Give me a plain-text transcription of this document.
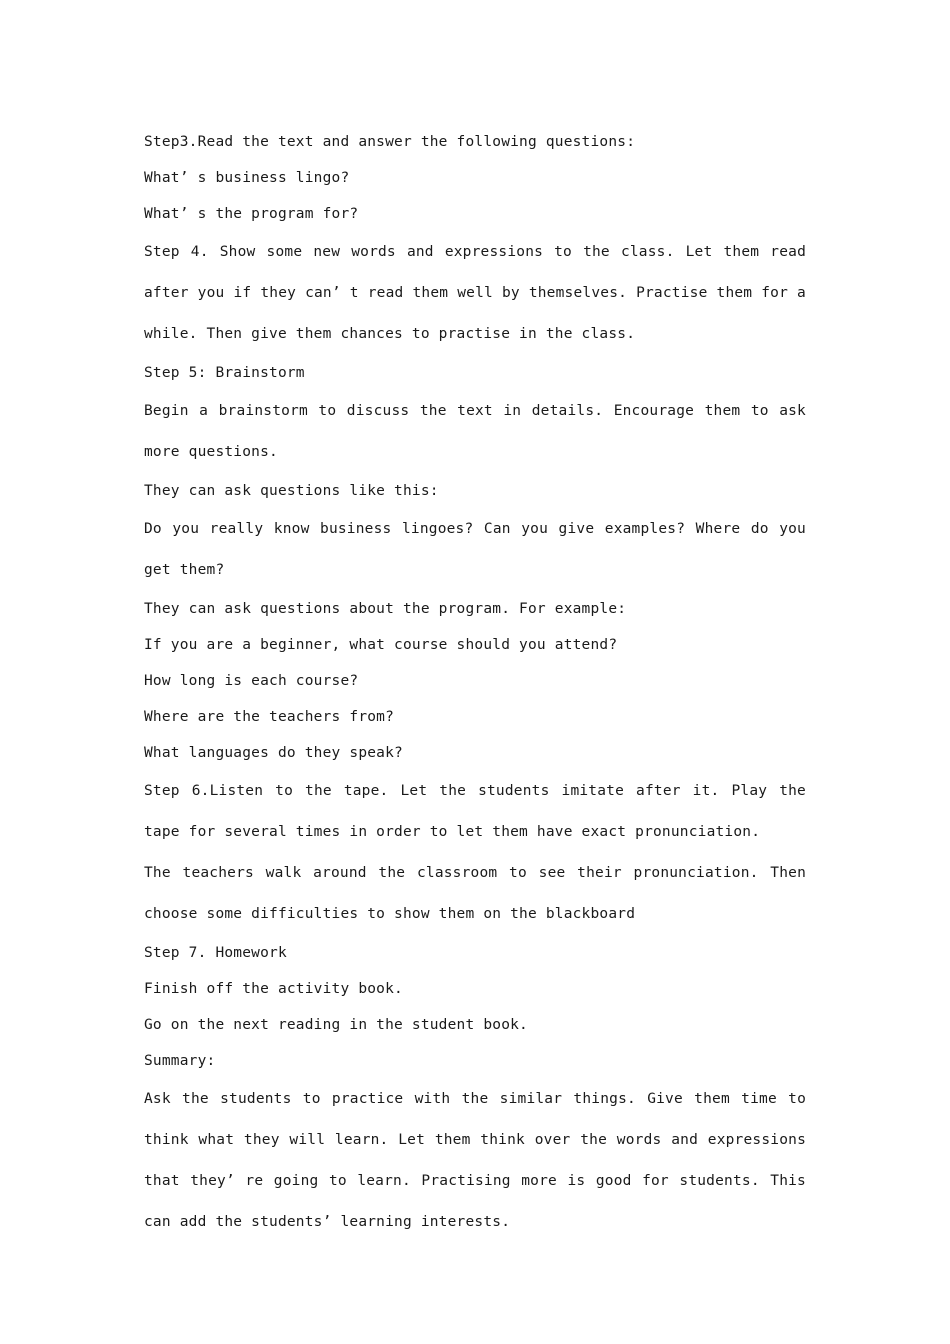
Step3.Read the text and answer the following questions:

What’ s business lingo?

What’ s the program for?

Step 4. Show some new words and expressions to the class. Let them read after you if they can’ t read them well by themselves. Practise them for a while. Then give them chances to practise in the class.

Step 5: Brainstorm

Begin a brainstorm to discuss the text in details. Encourage them to ask more questions.

They can ask questions like this:

Do you really know business lingoes? Can you give examples? Where do you get them?

They can ask questions about the program. For example:

If you are a beginner, what course should you attend?

How long is each course?

Where are the teachers from?

What languages do they speak?

Step 6.Listen to the tape. Let the students imitate after it. Play the tape for several times in order to let them have exact pronunciation.

The teachers walk around the classroom to see their pronunciation. Then choose some difficulties to show them on the blackboard

Step 7. Homework

Finish off the activity book.

Go on the next reading in the student book.

Summary:

Ask the students to practice with the similar things. Give them time to think what they will learn. Let them think over the words and expressions that they’ re going to learn. Practising more is good for students. This can add the students’ learning interests.
